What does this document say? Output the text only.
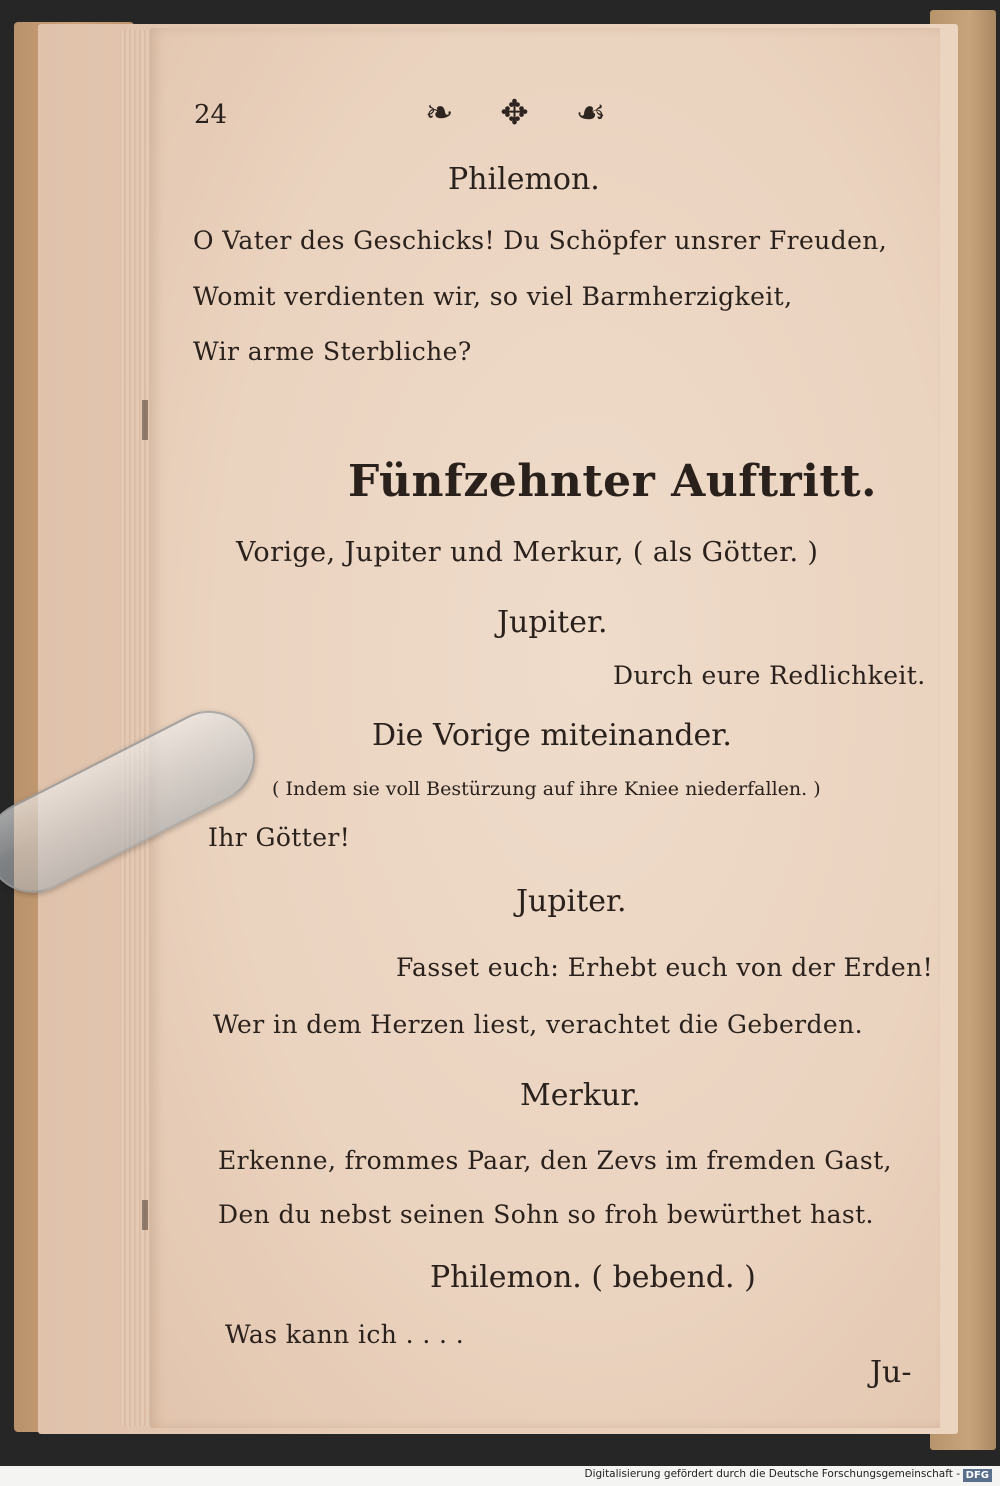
24	❧ ✥ ☙
Philemon.
O Vater des Geschicks! Du Schöpfer unsrer Freuden,
Womit verdienten wir, so viel Barmherzigkeit,
Wir arme Sterbliche?
Fünfzehnter Auftritt.
Vorige, Jupiter und Merkur, ( als Götter. )
Jupiter.
Durch eure Redlichkeit.
Die Vorige miteinander.
( Indem sie voll Bestürzung auf ihre Kniee niederfallen. )
Ihr Götter!
Jupiter.
Fasset euch: Erhebt euch von der Erden!
Wer in dem Herzen liest, verachtet die Geberden.
Merkur.
Erkenne, frommes Paar, den Zevs im fremden Gast,
Den du nebst seinen Sohn so froh bewürthet hast.
Philemon. ( bebend. )
Was kann ich . . . .
Ju-
Digitalisierung gefördert durch die Deutsche Forschungsgemeinschaft - DFG
